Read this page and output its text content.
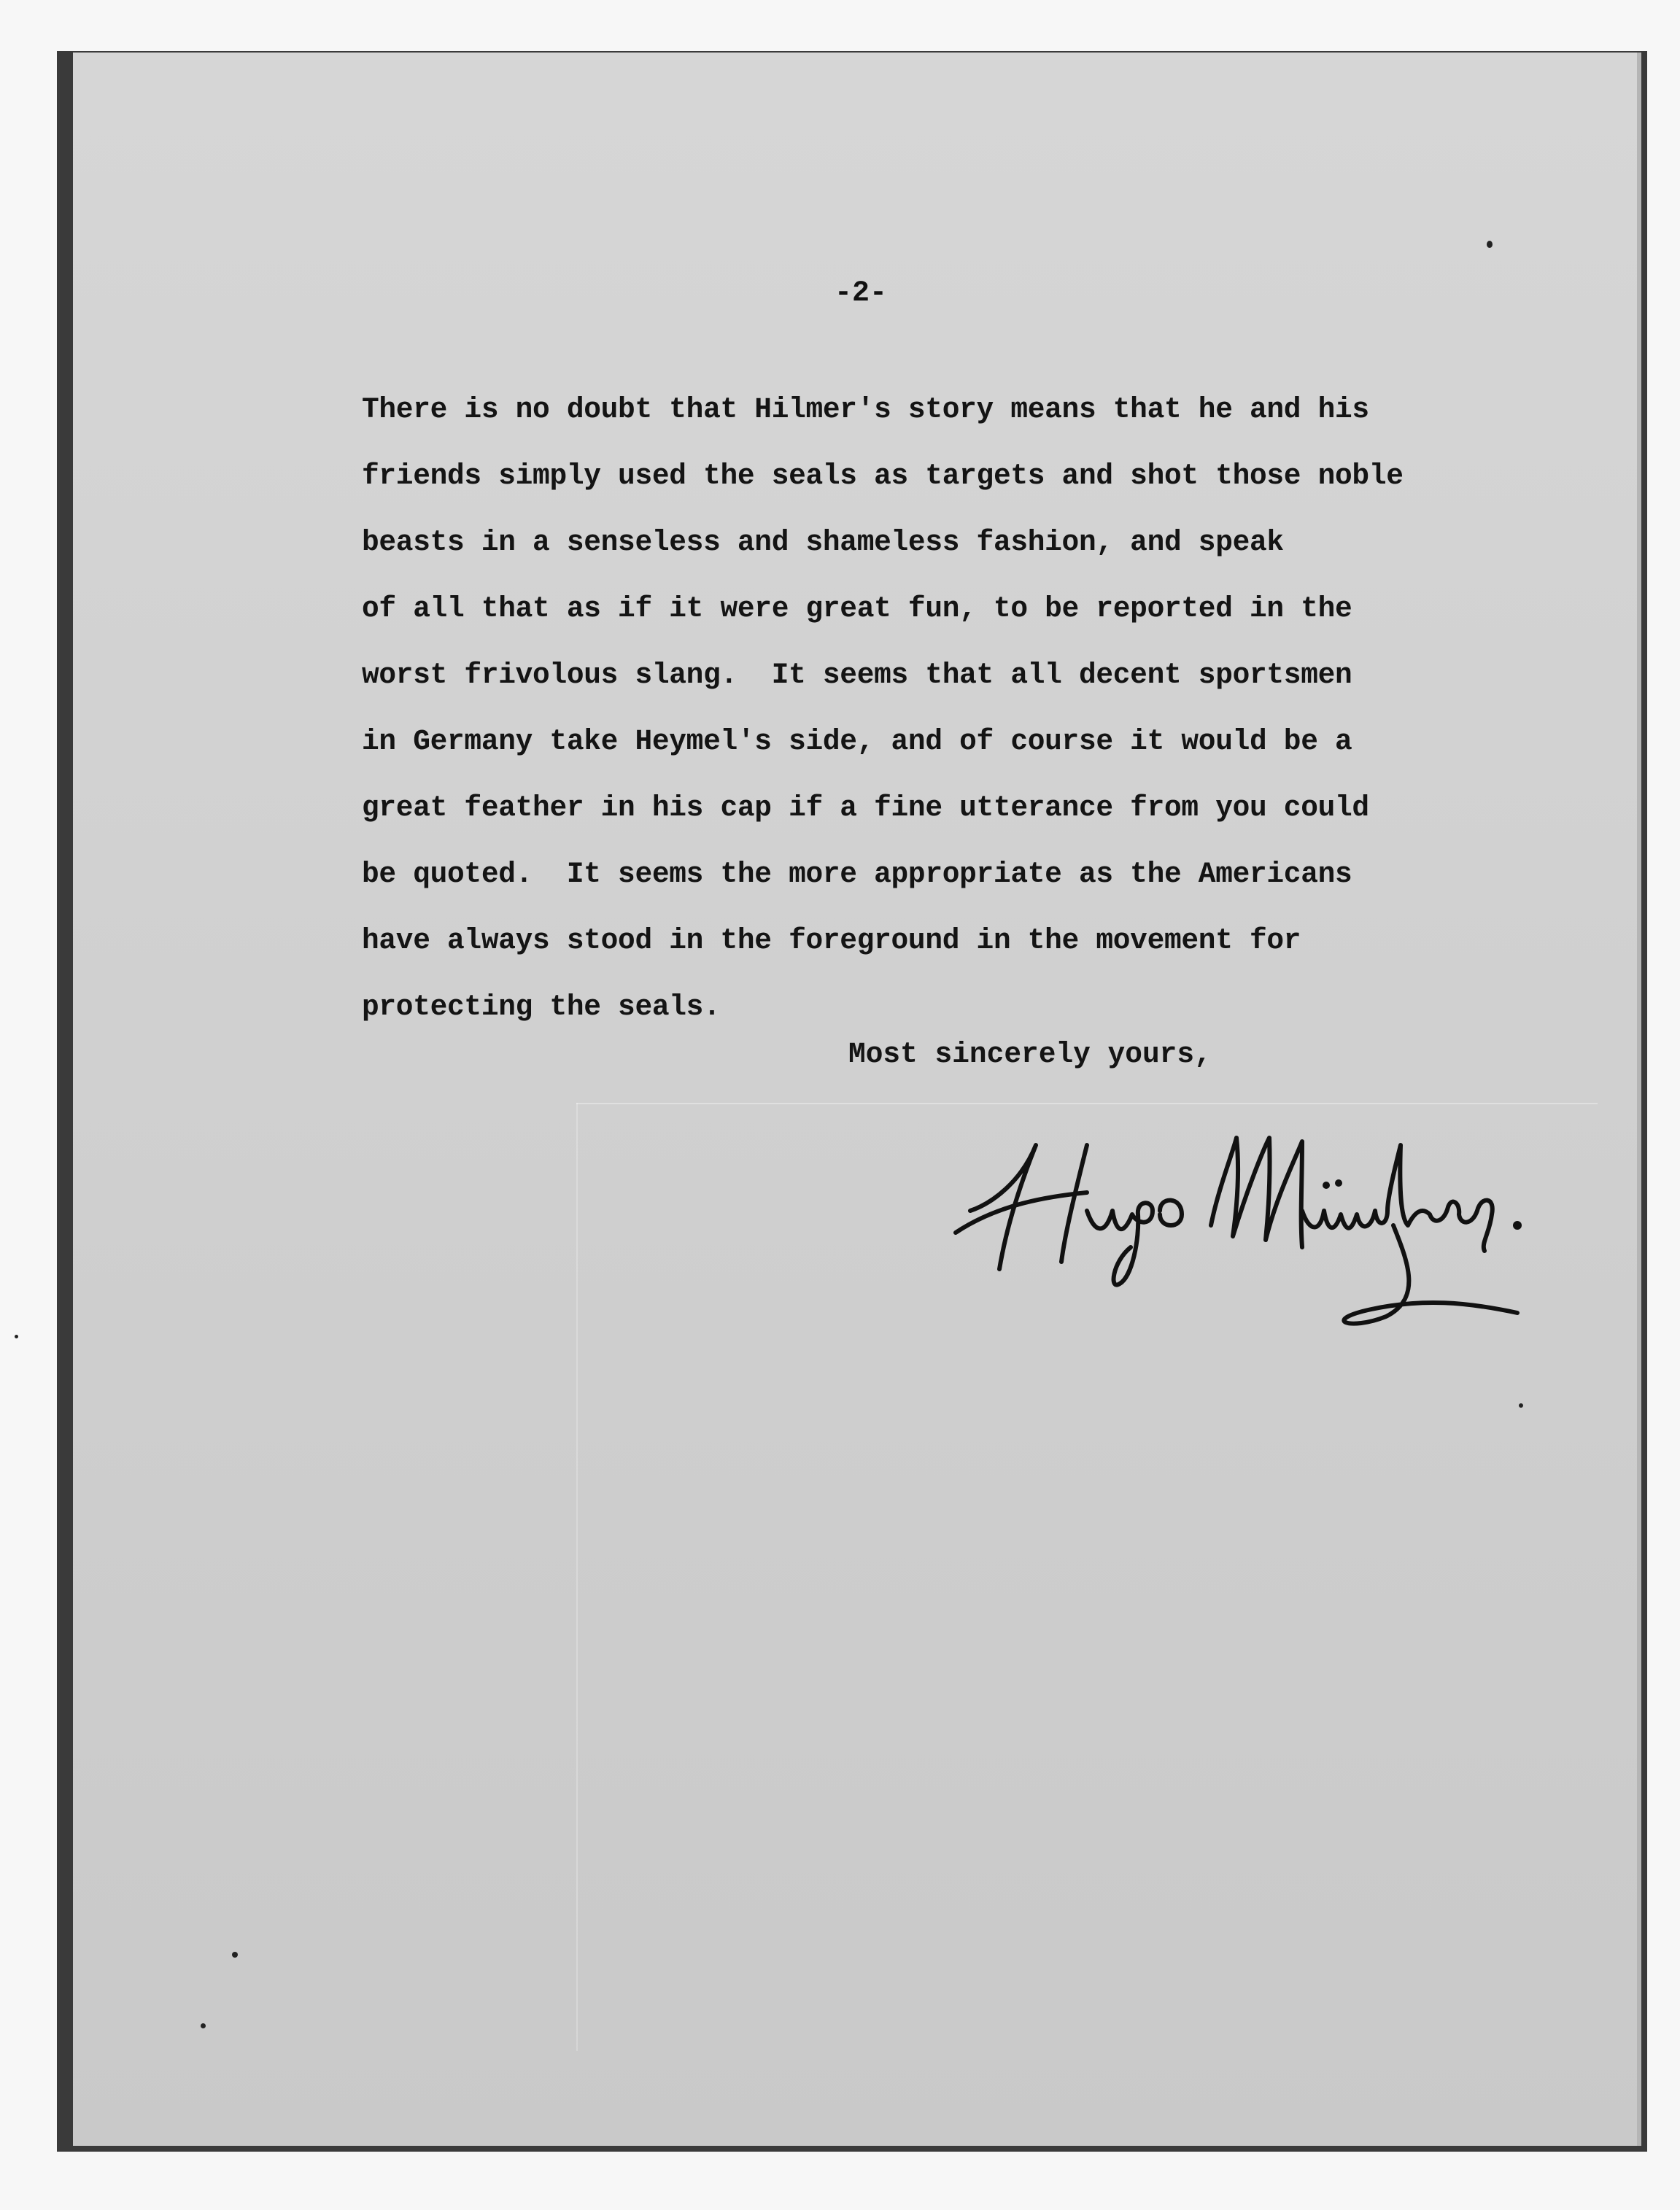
-2-
There is no doubt that Hilmer's story means that he and his
friends simply used the seals as targets and shot those noble
beasts in a senseless and shameless fashion, and speak
of all that as if it were great fun, to be reported in the
worst frivolous slang.  It seems that all decent sportsmen
in Germany take Heymel's side, and of course it would be a
great feather in his cap if a fine utterance from you could
be quoted.  It seems the more appropriate as the Americans
have always stood in the foreground in the movement for
protecting the seals.
Most sincerely yours,
